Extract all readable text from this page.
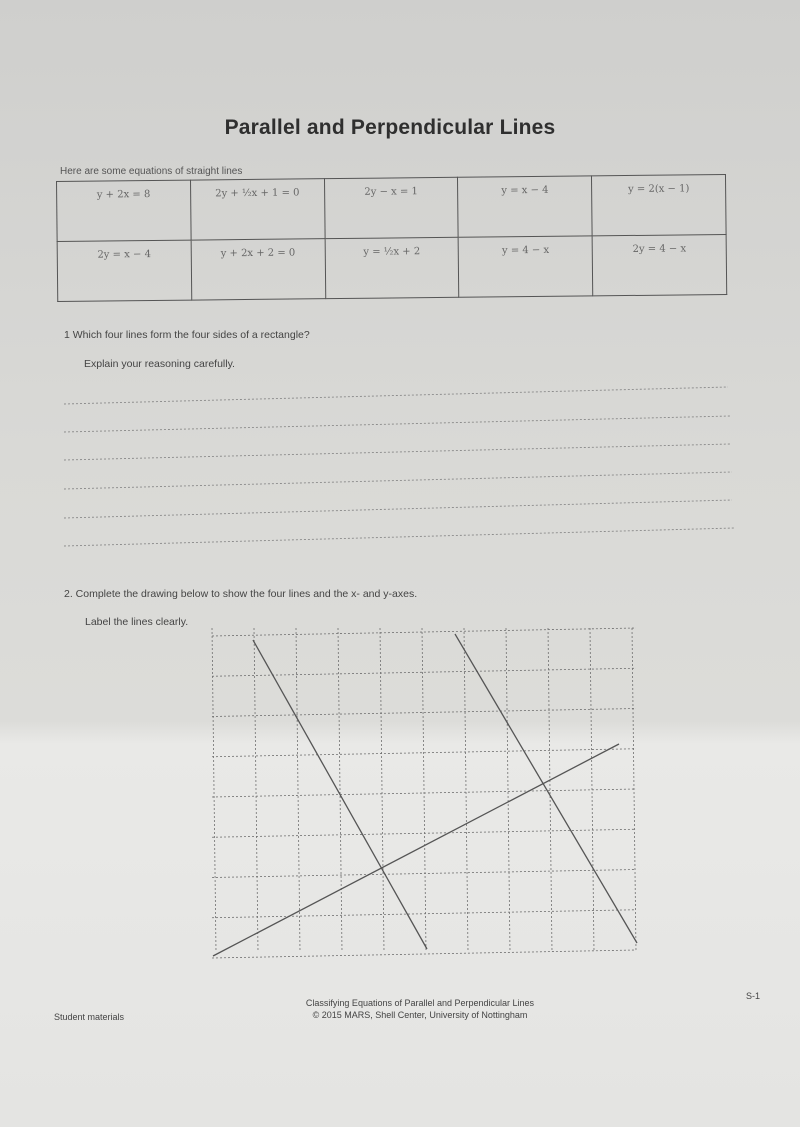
Parallel and Perpendicular Lines
Here are some equations of straight lines
y + 2x = 8	2y + ½x + 1 = 0	2y − x = 1	y = x − 4	y = 2(x − 1)
2y = x − 4	y + 2x + 2 = 0	y = ½x + 2	y = 4 − x	2y = 4 − x
1 Which four lines form the four sides of a rectangle?
Explain your reasoning carefully.
2. Complete the drawing below to show the four lines and the x- and y-axes.
Label the lines clearly.
Student materials
Classifying Equations of Parallel and Perpendicular Lines
© 2015 MARS, Shell Center, University of Nottingham
S-1
